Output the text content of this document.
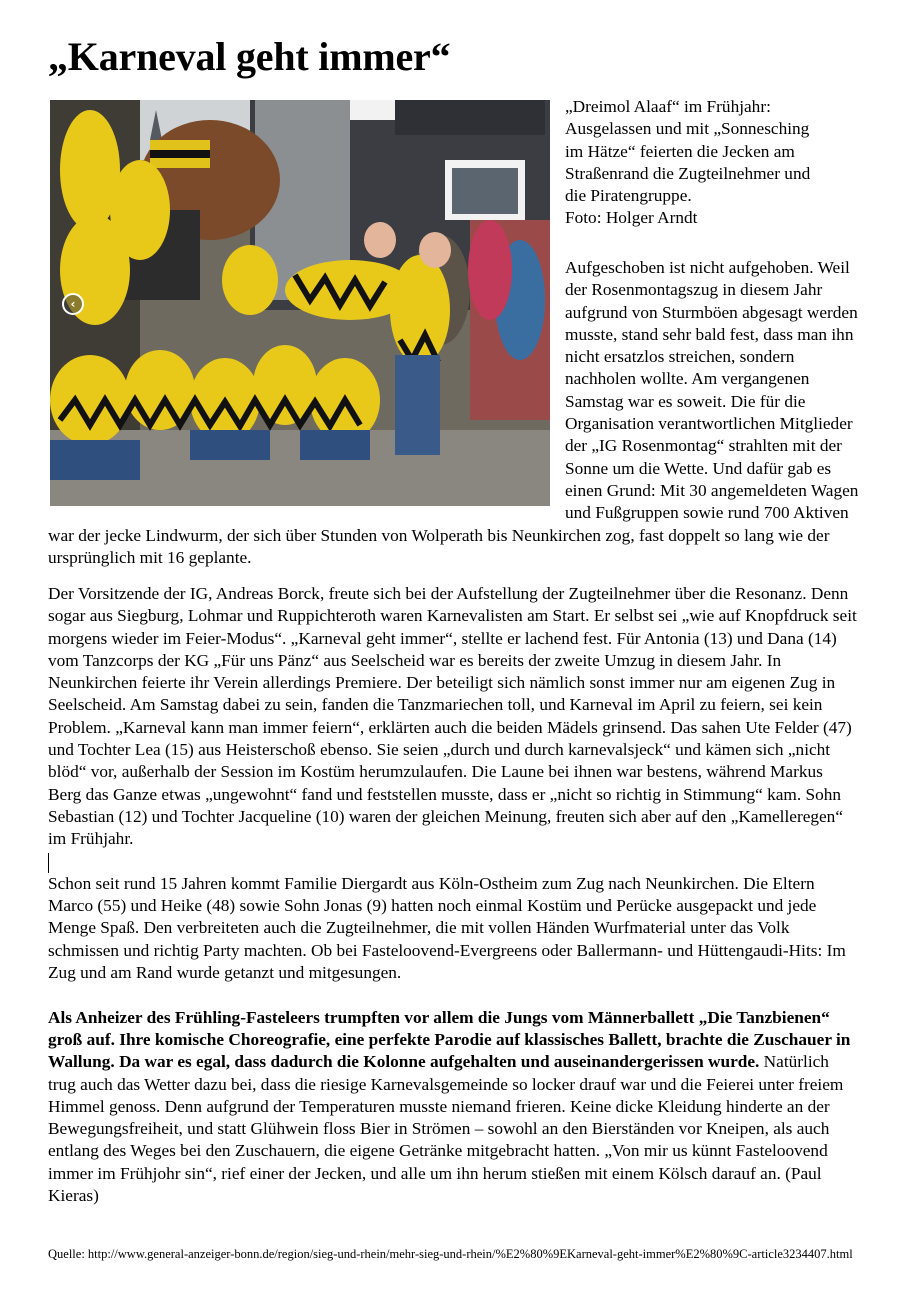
„Karneval geht immer“
‹
„Dreimol Alaaf“ im Frühjahr:
Ausgelassen und mit „Sonnesching
im Hätze“ feierten die Jecken am
Straßenrand die Zugteilnehmer und
die Piratengruppe.
Foto: Holger Arndt

Aufgeschoben ist nicht aufgehoben. Weil der Rosenmontagszug in diesem Jahr aufgrund von Sturmböen abgesagt werden musste, stand sehr bald fest, dass man ihn nicht ersatzlos streichen, sondern nachholen wollte. Am vergangenen Samstag war es soweit. Die für die Organisation verantwortlichen Mitglieder der „IG Rosenmontag“ strahlten mit der Sonne um die Wette. Und dafür gab es einen Grund: Mit 30 angemeldeten Wagen und Fußgruppen sowie rund 700 Aktiven war der jecke Lindwurm, der sich über Stunden von Wolperath bis Neunkirchen zog, fast doppelt so lang wie der ursprünglich mit 16 geplante.

Der Vorsitzende der IG, Andreas Borck, freute sich bei der Aufstellung der Zugteilnehmer über die Resonanz. Denn sogar aus Siegburg, Lohmar und Ruppichteroth waren Karnevalisten am Start. Er selbst sei „wie auf Knopfdruck seit morgens wieder im Feier-Modus“. „Karneval geht immer“, stellte er lachend fest. Für Antonia (13) und Dana (14) vom Tanzcorps der KG „Für uns Pänz“ aus Seelscheid war es bereits der zweite Umzug in diesem Jahr. In Neunkirchen feierte ihr Verein allerdings Premiere. Der beteiligt sich nämlich sonst immer nur am eigenen Zug in Seelscheid. Am Samstag dabei zu sein, fanden die Tanzmariechen toll, und Karneval im April zu feiern, sei kein Problem. „Karneval kann man immer feiern“, erklärten auch die beiden Mädels grinsend. Das sahen Ute Felder (47) und Tochter Lea (15) aus Heisterschoß ebenso. Sie seien „durch und durch karnevalsjeck“ und kämen sich „nicht blöd“ vor, außerhalb der Session im Kostüm herumzulaufen. Die Laune bei ihnen war bestens, während Markus Berg das Ganze etwas „ungewohnt“ fand und feststellen musste, dass er „nicht so richtig in Stimmung“ kam. Sohn Sebastian (12) und Tochter Jacqueline (10) waren der gleichen Meinung, freuten sich aber auf den „Kamelleregen“ im Frühjahr.

Schon seit rund 15 Jahren kommt Familie Diergardt aus Köln-Ostheim zum Zug nach Neunkirchen. Die Eltern Marco (55) und Heike (48) sowie Sohn Jonas (9) hatten noch einmal Kostüm und Perücke ausgepackt und jede Menge Spaß. Den verbreiteten auch die Zugteilnehmer, die mit vollen Händen Wurfmaterial unter das Volk schmissen und richtig Party machten. Ob bei Fasteloovend-Evergreens oder Ballermann- und Hüttengaudi-Hits: Im Zug und am Rand wurde getanzt und mitgesungen.

Als Anheizer des Frühling-Fasteleers trumpften vor allem die Jungs vom Männerballett „Die Tanzbienen“ groß auf. Ihre komische Choreografie, eine perfekte Parodie auf klassisches Ballett, brachte die Zuschauer in Wallung. Da war es egal, dass dadurch die Kolonne aufgehalten und auseinandergerissen wurde. Natürlich trug auch das Wetter dazu bei, dass die riesige Karnevalsgemeinde so locker drauf war und die Feierei unter freiem Himmel genoss. Denn aufgrund der Temperaturen musste niemand frieren. Keine dicke Kleidung hinderte an der Bewegungsfreiheit, und statt Glühwein floss Bier in Strömen – sowohl an den Bierständen vor Kneipen, als auch entlang des Weges bei den Zuschauern, die eigene Getränke mitgebracht hatten. „Von mir us künnt Fasteloovend immer im Frühjohr sin“, rief einer der Jecken, und alle um ihn herum stießen mit einem Kölsch darauf an. (Paul Kieras)

Quelle: http://www.general-anzeiger-bonn.de/region/sieg-und-rhein/mehr-sieg-und-rhein/%E2%80%9EKarneval-geht-immer%E2%80%9C-article3234407.html
